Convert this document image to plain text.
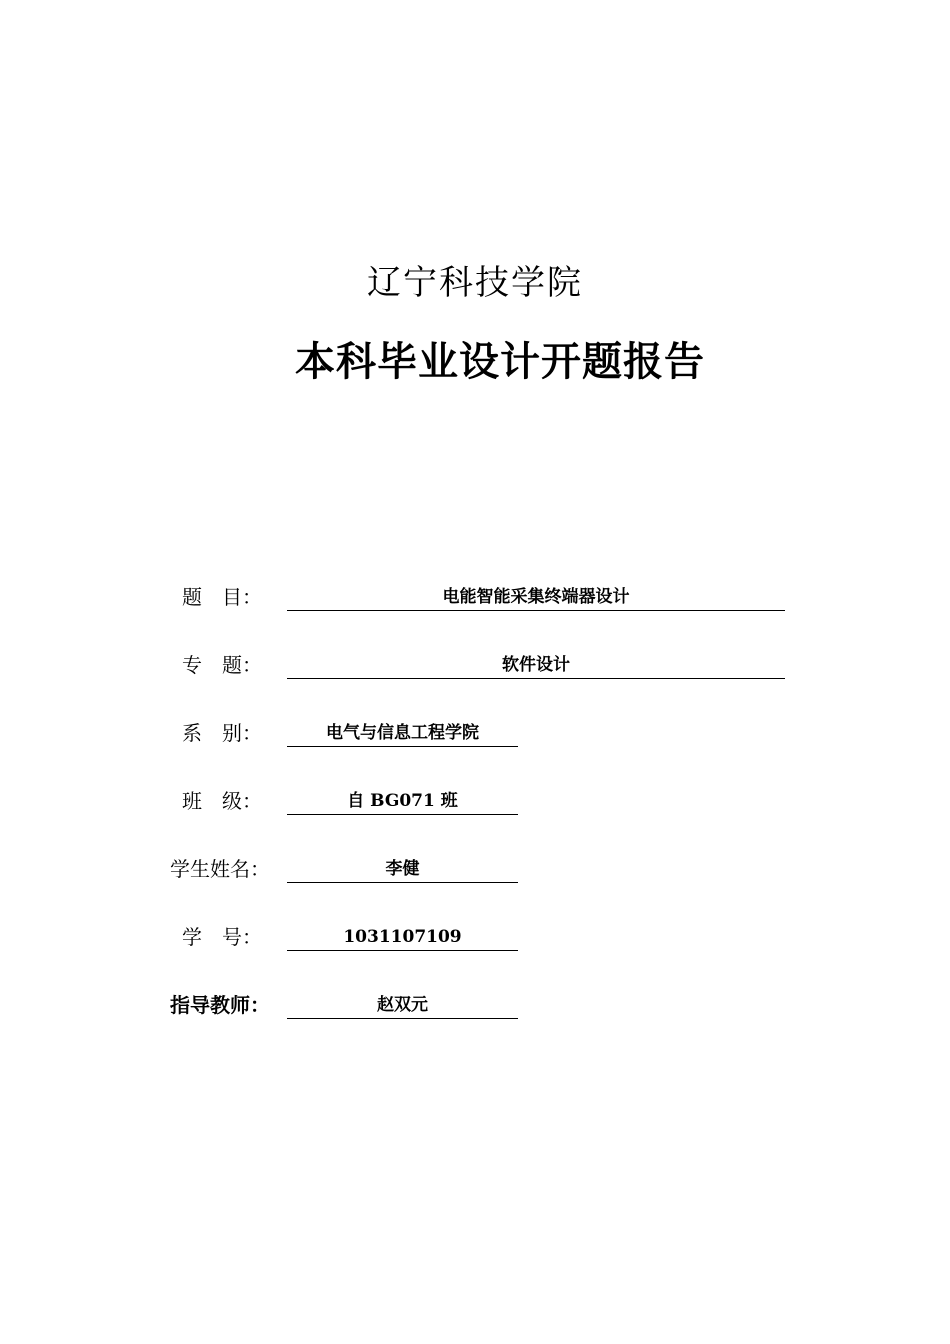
辽宁科技学院
本科毕业设计开题报告
题　目：	电能智能采集终端器设计
专　题：	软件设计
系　别：	电气与信息工程学院
班　级：	自 BG071 班
学生姓名：	李健
学　号：	1031107109
指导教师：	赵双元
